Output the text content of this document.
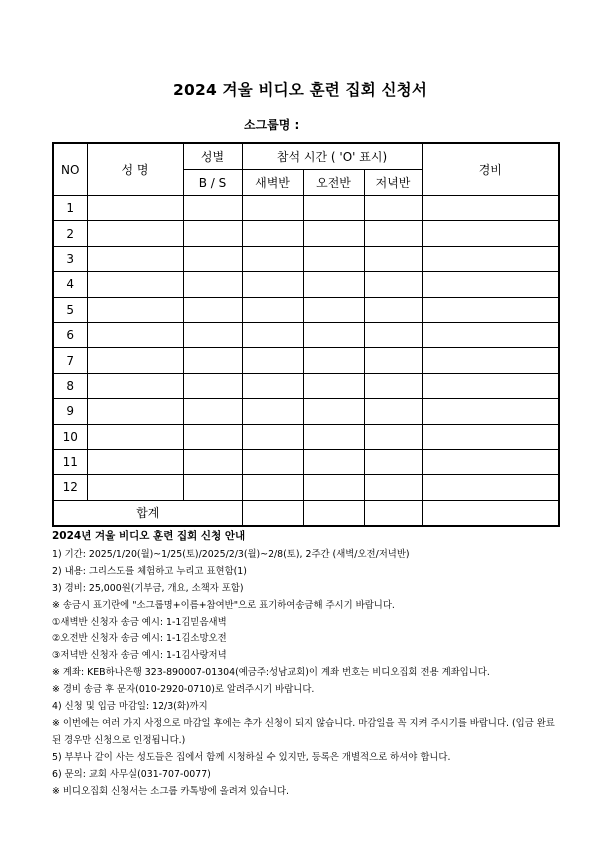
2024 겨울 비디오 훈련 집회 신청서
소그룹명 :
NO	성 명	성별	참석 시간 ( 'O' 표시)			경비
		B / S	새벽반	오전반	저녁반	
1						
2						
3						
4						
5						
6						
7						
8						
9						
10						
11						
12						
합계						
2024년 겨울 비디오 훈련 집회 신청 안내
1) 기간: 2025/1/20(월)~1/25(토)/2025/2/3(월)~2/8(토), 2주간 (새벽/오전/저녁반)
2) 내용: 그리스도를 체험하고 누리고 표현함(1)
3) 경비: 25,000원(기부금, 개요, 소책자 포함)
※ 송금시 표기란에 "소그룹명+이름+참여반"으로 표기하여송금해 주시기 바랍니다.
①새벽반 신청자 송금 예시: 1-1김믿음새벽
②오전반 신청자 송금 예시: 1-1김소망오전
③저녁반 신청자 송금 예시: 1-1김사랑저녁
※ 계좌: KEB하나은행 323-890007-01304(예금주:성남교회)이 계좌 번호는 비디오집회 전용 계좌입니다.
※ 경비 송금 후 문자(010-2920-0710)로 알려주시기 바랍니다.
4) 신청 및 입금 마감일: 12/3(화)까지
※ 이번에는 여러 가지 사정으로 마감일 후에는 추가 신청이 되지 않습니다. 마감일을 꼭 지켜 주시기를 바랍니다. (입금 완료된 경우만 신청으로 인정됩니다.)
5) 부부나 같이 사는 성도들은 집에서 함께 시청하실 수 있지만, 등록은 개별적으로 하셔야 합니다.
6) 문의: 교회 사무실(031-707-0077)
※ 비디오집회 신청서는 소그룹 카톡방에 올려져 있습니다.
